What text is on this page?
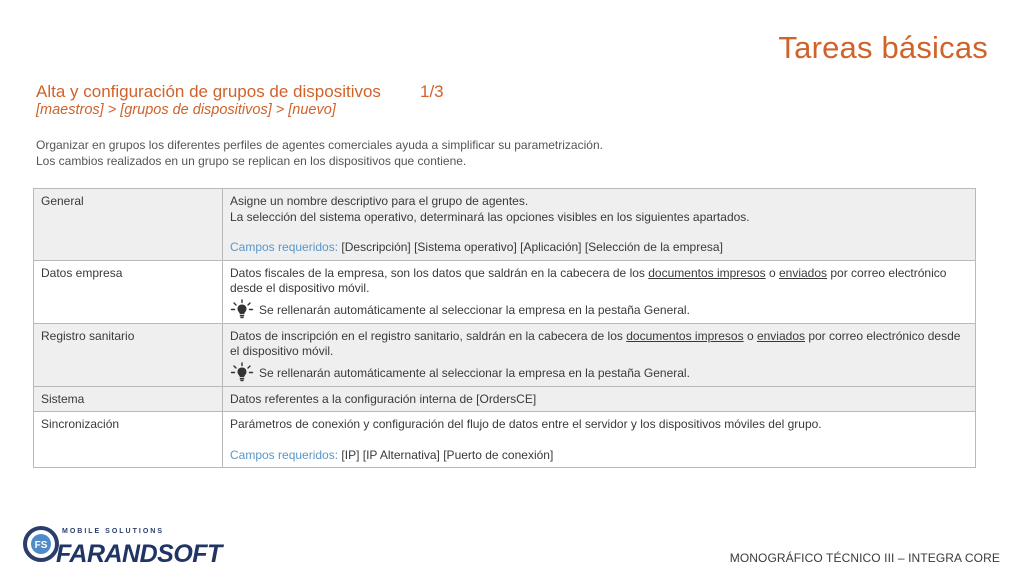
Tareas básicas
Alta y configuración de grupos de dispositivos 1/3
[maestros] > [grupos de dispositivos] > [nuevo]
Organizar en grupos los diferentes perfiles de agentes comerciales ayuda a simplificar su parametrización.
Los cambios realizados en un grupo se replican en los dispositivos que contiene.
General	Asigne un nombre descriptivo para el grupo de agentes.
La selección del sistema operativo, determinará las opciones visibles en los siguientes apartados.
Campos requeridos: [Descripción] [Sistema operativo] [Aplicación] [Selección de la empresa]

Datos empresa	Datos fiscales de la empresa, son los datos que saldrán en la cabecera de los documentos impresos o enviados por correo electrónico desde el dispositivo móvil.
Se rellenarán automáticamente al seleccionar la empresa en la pestaña General.

Registro sanitario	Datos de inscripción en el registro sanitario, saldrán en la cabecera de los documentos impresos o enviados por correo electrónico desde el dispositivo móvil.
Se rellenarán automáticamente al seleccionar la empresa en la pestaña General.

Sistema	Datos referentes a la configuración interna de [OrdersCE]
Sincronización	Parámetros de conexión y configuración del flujo de datos entre el servidor y los dispositivos móviles del grupo.
Campos requeridos: [IP] [IP Alternativa] [Puerto de conexión]
FS
MOBILE SOLUTIONS
FARANDSOFT	MONOGRÁFICO TÉCNICO III – INTEGRA CORE
